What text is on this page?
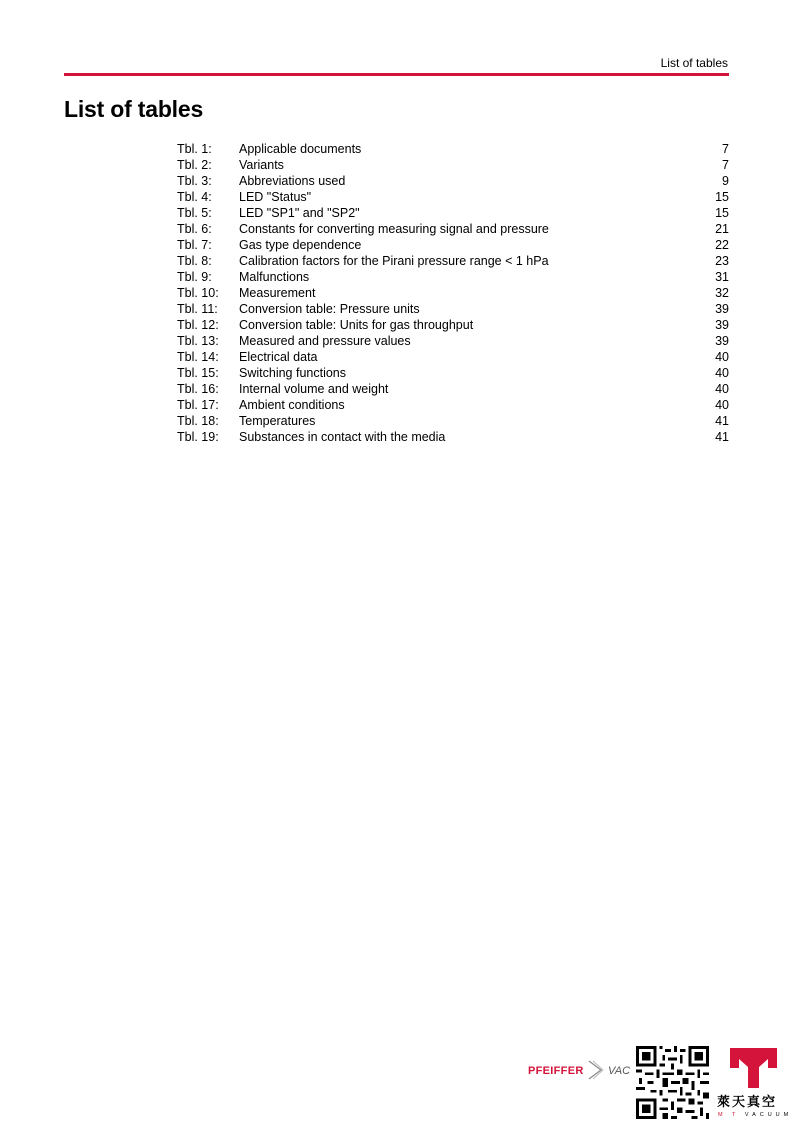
List of tables
List of tables
Tbl. 1:	Applicable documents	7
Tbl. 2:	Variants	7
Tbl. 3:	Abbreviations used	9
Tbl. 4:	LED "Status"	15
Tbl. 5:	LED "SP1" and "SP2"	15
Tbl. 6:	Constants for converting measuring signal and pressure	21
Tbl. 7:	Gas type dependence	22
Tbl. 8:	Calibration factors for the Pirani pressure range < 1 hPa	23
Tbl. 9:	Malfunctions	31
Tbl. 10:	Measurement	32
Tbl. 11:	Conversion table: Pressure units	39
Tbl. 12:	Conversion table: Units for gas throughput	39
Tbl. 13:	Measured and pressure values	39
Tbl. 14:	Electrical data	40
Tbl. 15:	Switching functions	40
Tbl. 16:	Internal volume and weight	40
Tbl. 17:	Ambient conditions	40
Tbl. 18:	Temperatures	41
Tbl. 19:	Substances in contact with the media	41
PFEIFFER VAC
萊天真空
M T VACUUM
